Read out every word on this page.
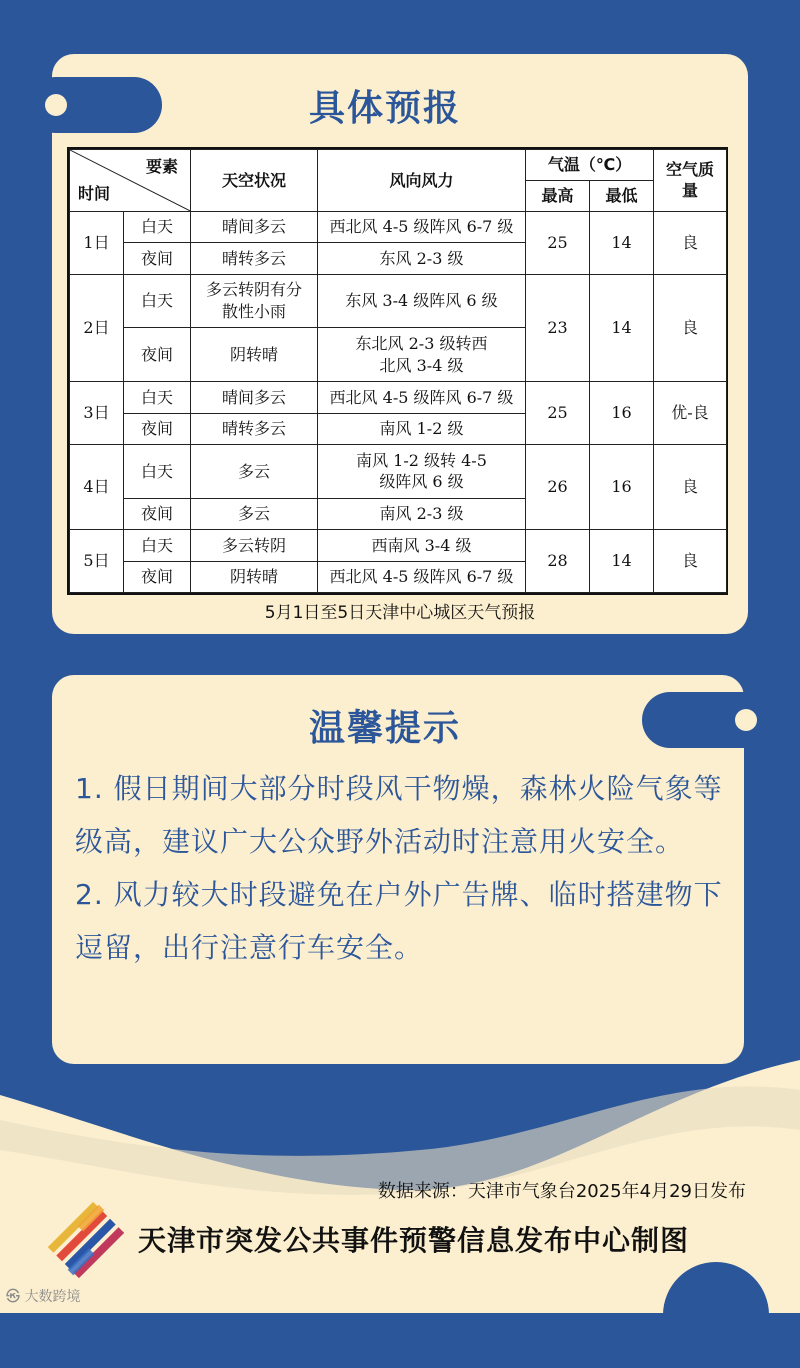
具体预报
要素
时间		天空状况	风向风力	气温（℃）		空气质量
				最高	最低	
1日	白天	晴间多云	西北风 4-5 级阵风 6-7 级	25	14	良
	夜间	晴转多云	东风 2-3 级			
2日	白天	多云转阴有分散性小雨	东风 3-4 级阵风 6 级	23	14	良
	夜间	阴转晴	东北风 2-3 级转西北风 3-4 级			
3日	白天	晴间多云	西北风 4-5 级阵风 6-7 级	25	16	优-良
	夜间	晴转多云	南风 1-2 级			
4日	白天	多云	南风 1-2 级转 4-5 级阵风 6 级	26	16	良
	夜间	多云	南风 2-3 级			
5日	白天	多云转阴	西南风 3-4 级	28	14	良
	夜间	阴转晴	西北风 4-5 级阵风 6-7 级			
5月1日至5日天津中心城区天气预报
温馨提示

1. 假日期间大部分时段风干物燥，森林火险气象等级高，建议广大公众野外活动时注意用火安全。

2. 风力较大时段避免在户外广告牌、临时搭建物下逗留，出行注意行车安全。

数据来源：天津市气象台2025年4月29日发布
天津市突发公共事件预警信息发布中心制图
㉿ 大数跨境
